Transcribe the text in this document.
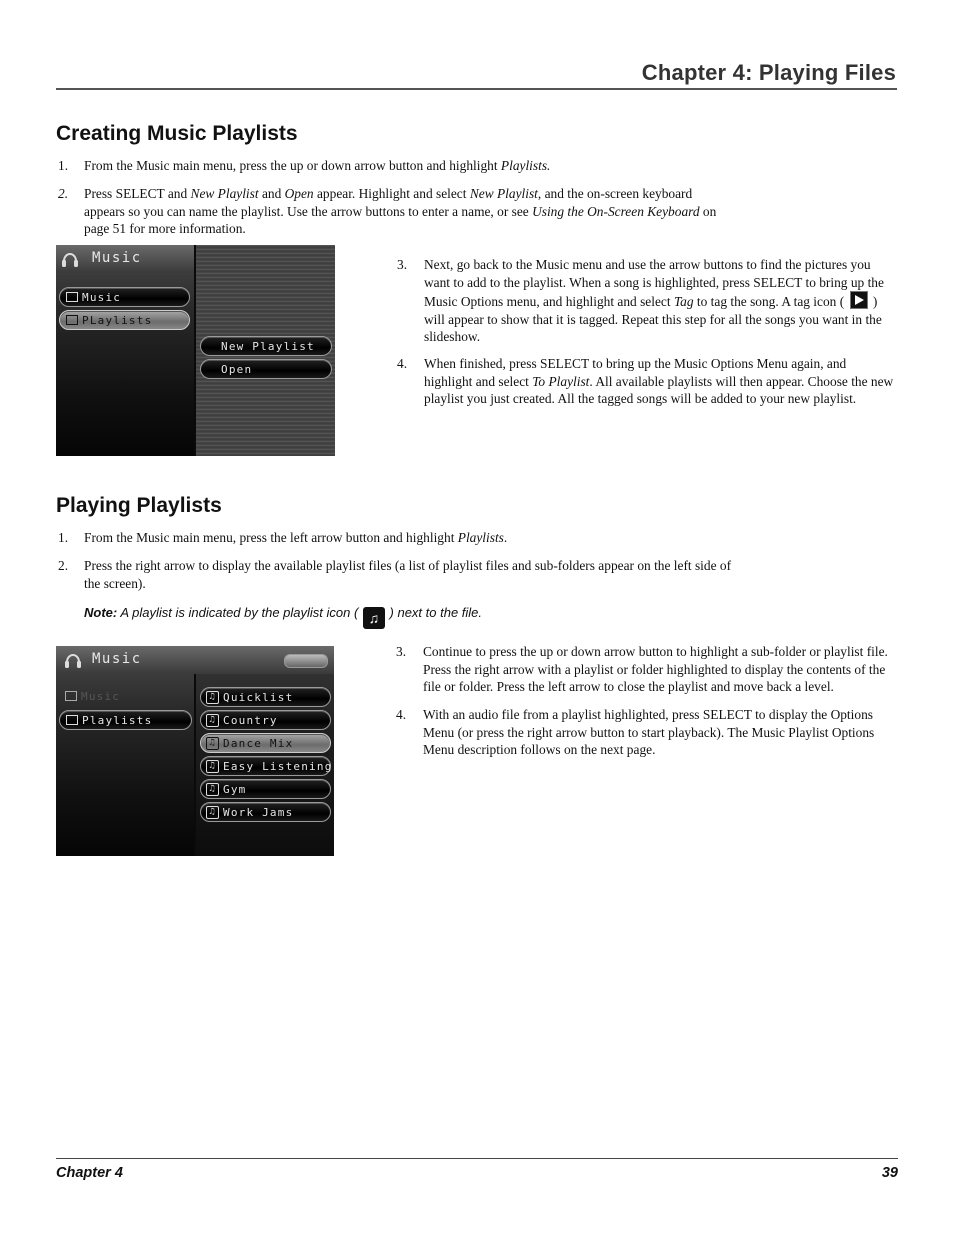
Chapter 4: Playing Files
Creating Music Playlists
1. From the Music main menu, press the up or down arrow button and highlight Playlists.
2. Press SELECT and New Playlist and Open appear. Highlight and select New Playlist, and the on-screen keyboard
appears so you can name the playlist. Use the arrow buttons to enter a name, or see Using the On-Screen Keyboard on
page 51 for more information.
Music
Music
PLaylists
New Playlist
Open
3. Next, go back to the Music menu and use the arrow buttons to find the pictures you
want to add to the playlist. When a song is highlighted, press SELECT to bring up the
Music Options menu, and highlight and select Tag to tag the song. A tag icon (  )
will appear to show that it is tagged. Repeat this step for all the songs you want in the
slideshow.
4. When finished, press SELECT to bring up the Music Options Menu again, and
highlight and select To Playlist. All available playlists will then appear. Choose the new
playlist you just created. All the tagged songs will be added to your new playlist.
Playing Playlists
1. From the Music main menu, press the left arrow button and highlight Playlists.
2. Press the right arrow to display the available playlist files (a list of playlist files and sub-folders appear on the left side of
the screen).
Note: A playlist is indicated by the playlist icon ( ♫ ) next to the file.
Music
Music
Playlists
♫ Quicklist
♫ Country
♫ Dance Mix
♫ Easy Listening
♫ Gym
♫ Work Jams
3. Continue to press the up or down arrow button to highlight a sub-folder or playlist file.
Press the right arrow with a playlist or folder highlighted to display the contents of the
file or folder. Press the left arrow to close the playlist and move back a level.
4. With an audio file from a playlist highlighted, press SELECT to display the Options
Menu (or press the right arrow button to start playback). The Music Playlist Options
Menu description follows on the next page.
Chapter 4	39
